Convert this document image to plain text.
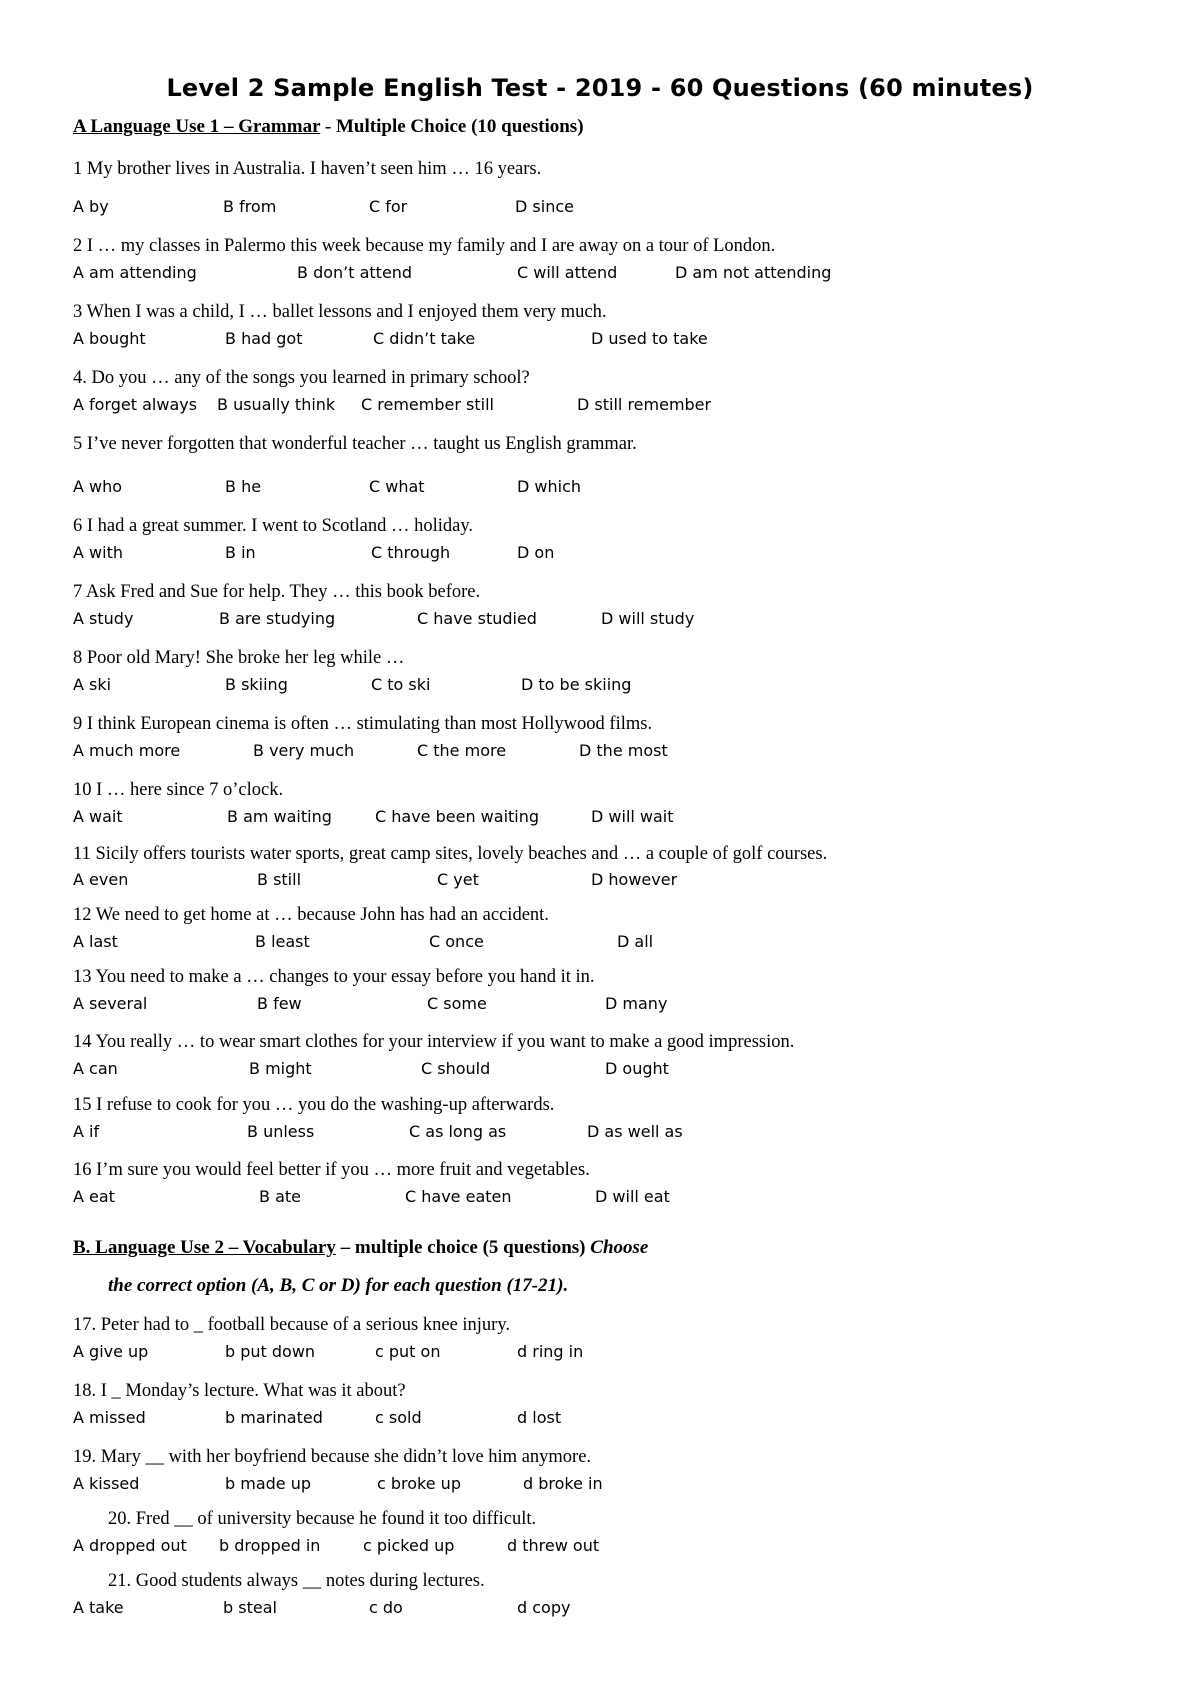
Level 2 Sample English Test - 2019 - 60 Questions (60 minutes)
A Language Use 1 – Grammar - Multiple Choice (10 questions)
1 My brother lives in Australia. I haven’t seen him … 16 years.
A by	B from	C for	D since
2 I … my classes in Palermo this week because my family and I are away on a tour of London.
A am attending	B don’t attend	C will attend	D am not attending
3 When I was a child, I … ballet lessons and I enjoyed them very much.
A bought	B had got	C didn’t take	D used to take
4. Do you … any of the songs you learned in primary school?
A forget always B usually think C remember still	D still remember
5 I’ve never forgotten that wonderful teacher … taught us English grammar.
A who	B he	C what	D which
6 I had a great summer. I went to Scotland … holiday.
A with	B in	C through	D on
7 Ask Fred and Sue for help. They … this book before.
A study	B are studying	C have studied	D will study
8 Poor old Mary! She broke her leg while …
A ski	B skiing	C to ski	D to be skiing
9 I think European cinema is often … stimulating than most Hollywood films.
A much more	B very much	C the more	D the most
10 I … here since 7 o’clock.
A wait	B am waiting	C have been waiting	D will wait
11 Sicily offers tourists water sports, great camp sites, lovely beaches and … a couple of golf courses.
A even	B still	C yet	D however
12 We need to get home at … because John has had an accident.
A last	B least	C once	D all
13 You need to make a … changes to your essay before you hand it in.
A several	B few	C some	D many
14 You really … to wear smart clothes for your interview if you want to make a good impression.
A can	B might	C should	D ought
15 I refuse to cook for you … you do the washing-up afterwards.
A if	B unless	C as long as	D as well as
16 I’m sure you would feel better if you … more fruit and vegetables.
A eat	B ate	C have eaten	D will eat
B. Language Use 2 – Vocabulary – multiple choice (5 questions) Choose
the correct option (A, B, C or D) for each question (17-21).
17. Peter had to _ football because of a serious knee injury.
A give up	b put down	c put on	d ring in
18. I _ Monday’s lecture. What was it about?
A missed	b marinated	c sold	d lost
19. Mary __ with her boyfriend because she didn’t love him anymore.
A kissed	b made up	c broke up	d broke in
20. Fred __ of university because he found it too difficult.
A dropped out b dropped in	c picked up	d threw out
21. Good students always __ notes during lectures.
A take	b steal	c do	d copy
